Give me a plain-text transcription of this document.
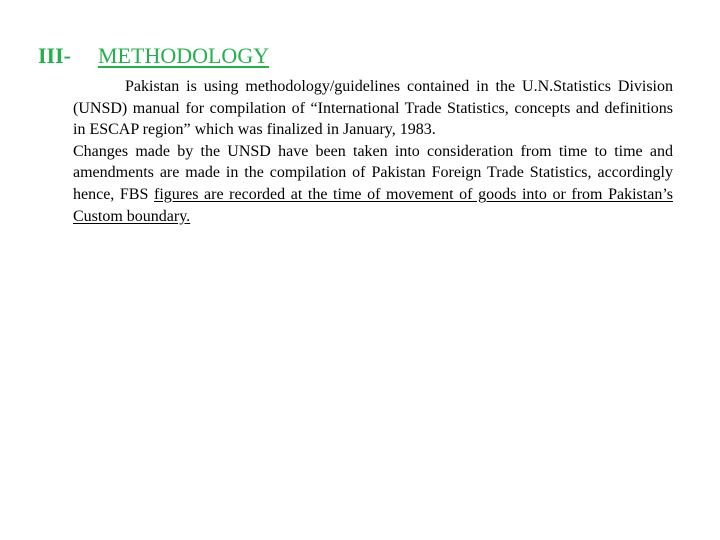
III- METHODOLOGY

Pakistan is using methodology/guidelines contained in the U.N.Statistics Division (UNSD) manual for compilation of “International Trade Statistics, concepts and definitions in ESCAP region” which was finalized in January, 1983.

Changes made by the UNSD have been taken into consideration from time to time and amendments are made in the compilation of Pakistan Foreign Trade Statistics, accordingly hence, FBS figures are recorded at the time of movement of goods into or from Pakistan’s Custom boundary.
